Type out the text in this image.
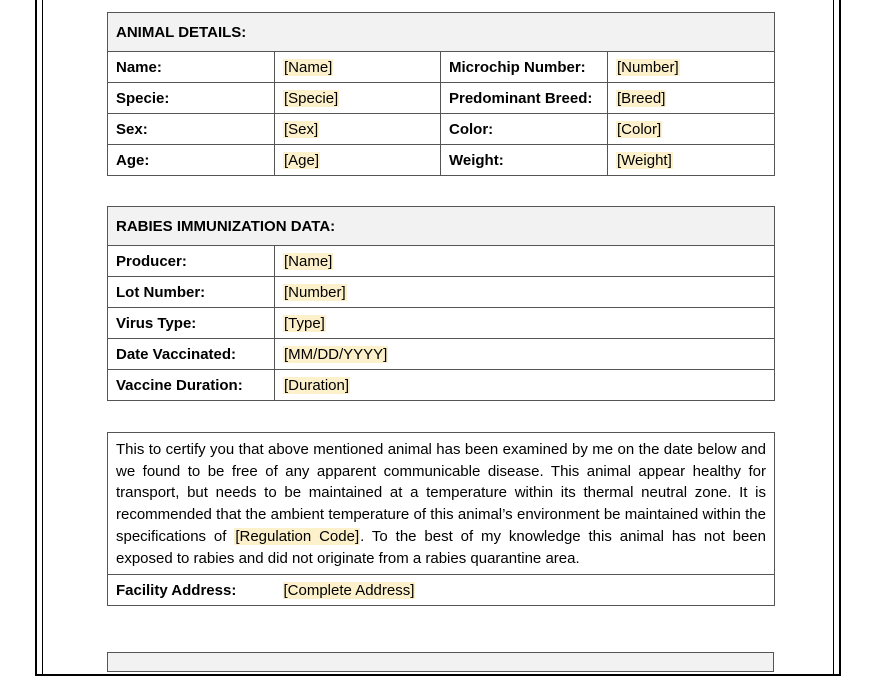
ANIMAL DETAILS:			
Name:	[Name]	Microchip Number:	[Number]
Specie:	[Specie]	Predominant Breed:	[Breed]
Sex:	[Sex]	Color:	[Color]
Age:	[Age]	Weight:	[Weight]
RABIES IMMUNIZATION DATA:	
Producer:	[Name]
Lot Number:	[Number]
Virus Type:	[Type]
Date Vaccinated:	[MM/DD/YYYY]
Vaccine Duration:	[Duration]
This to certify you that above mentioned animal has been examined by me on the date below and we found to be free of any apparent communicable disease. This animal appear healthy for transport, but needs to be maintained at a temperature within its thermal neutral zone. It is recommended that the ambient temperature of this animal’s environment be maintained within the specifications of [Regulation Code]. To the best of my knowledge this animal has not been exposed to rabies and did not originate from a rabies quarantine area.
Facility Address:	[Complete Address]
